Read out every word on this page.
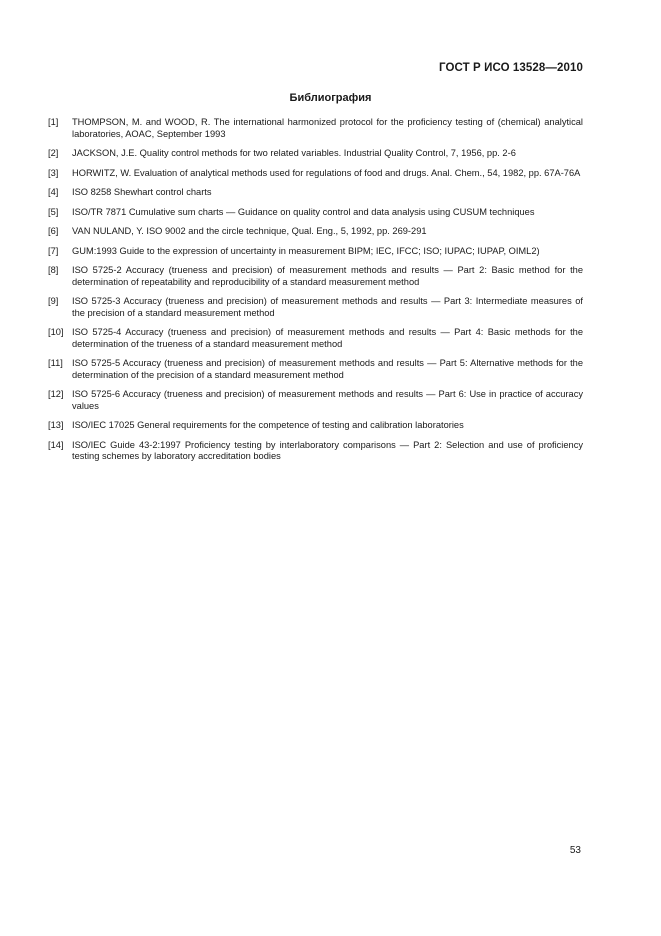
ГОСТ Р ИСО 13528—2010
Библиография
[1]	THOMPSON, M. and WOOD, R. The international harmonized protocol for the proficiency testing of (chemical) analytical laboratories, AOAC, September 1993
[2]	JACKSON, J.E. Quality control methods for two related variables. Industrial Quality Control, 7, 1956, pp. 2-6
[3]	HORWITZ, W. Evaluation of analytical methods used for regulations of food and drugs. Anal. Chem., 54, 1982, pp. 67A-76A
[4]	ISO 8258 Shewhart control charts
[5]	ISO/TR 7871 Cumulative sum charts — Guidance on quality control and data analysis using CUSUM techniques
[6]	VAN NULAND, Y. ISO 9002 and the circle technique, Qual. Eng., 5, 1992, pp. 269-291
[7]	GUM:1993 Guide to the expression of uncertainty in measurement BIPM; IEC, IFCC; ISO; IUPAC; IUPAP, OIML2)
[8]	ISO 5725-2 Accuracy (trueness and precision) of measurement methods and results — Part 2: Basic method for the determination of repeatability and reproducibility of a standard measurement method
[9]	ISO 5725-3 Accuracy (trueness and precision) of measurement methods and results — Part 3: Intermediate measures of the precision of a standard measurement method
[10] ISO 5725-4 Accuracy (trueness and precision) of measurement methods and results — Part 4: Basic methods for the determination of the trueness of a standard measurement method
[11] ISO 5725-5 Accuracy (trueness and precision) of measurement methods and results — Part 5: Alternative methods for the determination of the precision of a standard measurement method
[12] ISO 5725-6 Accuracy (trueness and precision) of measurement methods and results — Part 6: Use in practice of accuracy values
[13] ISO/IEC 17025 General requirements for the competence of testing and calibration laboratories
[14] ISO/IEC Guide 43-2:1997 Proficiency testing by interlaboratory comparisons — Part 2: Selection and use of proficiency testing schemes by laboratory accreditation bodies
53
